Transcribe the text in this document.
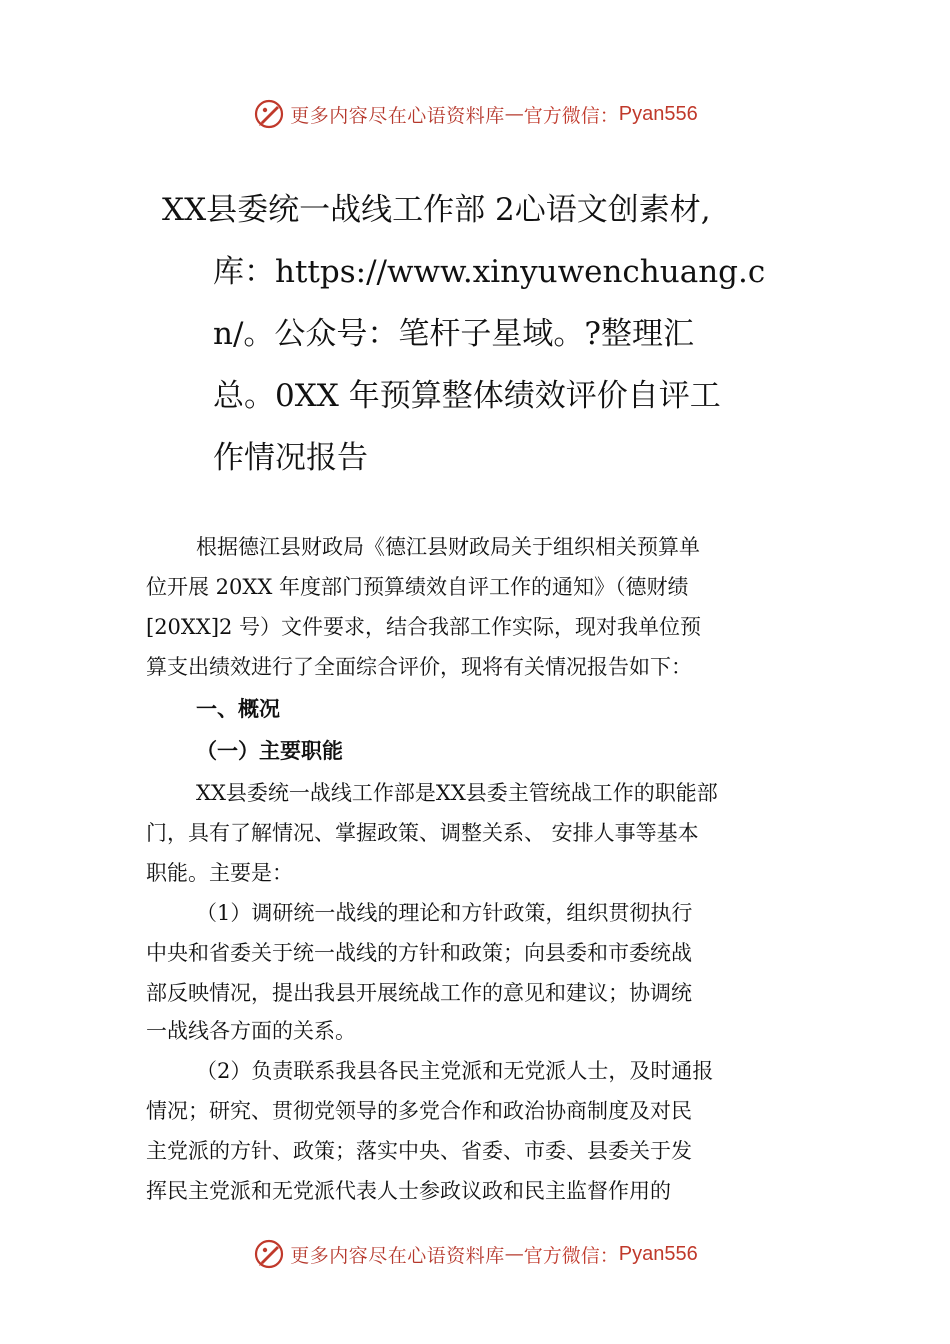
更多内容尽在心语资料库 — 官方微信： Pyan556
XX县委统一战线工作部 2心语文创素材,
库：https://www.xinyuwenchuang.c
n/。公众号：笔杆子星域。?整理汇
总。0XX 年预算整体绩效评价自评工
作情况报告
根据德江县财政局《德江县财政局关于组织相关预算单
位开展 20XX 年度部门预算绩效自评工作的通知》（德财绩
[20XX]2 号）文件要求，结合我部工作实际，现对我单位预
算支出绩效进行了全面综合评价，现将有关情况报告如下：
一、概况
（一）主要职能
XX县委统一战线工作部是XX县委主管统战工作的职能部
门，具有了解情况、掌握政策、调整关系、 安排人事等基本
职能。主要是：
（1）调研统一战线的理论和方针政策，组织贯彻执行
中央和省委关于统一战线的方针和政策；向县委和市委统战
部反映情况，提出我县开展统战工作的意见和建议；协调统
一战线各方面的关系。
（2）负责联系我县各民主党派和无党派人士，及时通报
情况；研究、贯彻党领导的多党合作和政治协商制度及对民
主党派的方针、政策；落实中央、省委、市委、县委关于发
挥民主党派和无党派代表人士参政议政和民主监督作用的
更多内容尽在心语资料库 — 官方微信： Pyan556
